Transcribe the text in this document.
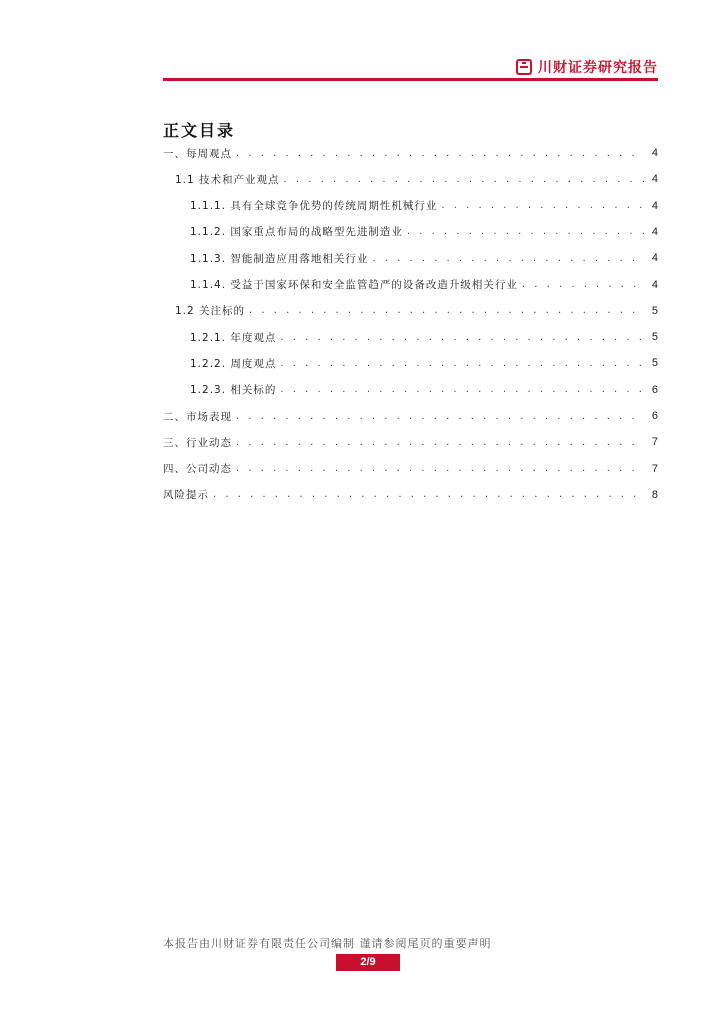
川财证券研究报告
正文目录
一、每周观点 . . .	4
1.1 技术和产业观点 . . .	4
1.1.1. 具有全球竞争优势的传统周期性机械行业 . . .	4
1.1.2. 国家重点布局的战略型先进制造业 . . .	4
1.1.3. 智能制造应用落地相关行业 . . .	4
1.1.4. 受益于国家环保和安全监管趋严的设备改造升级相关行业 . . .	4
1.2 关注标的 . . .	5
1.2.1. 年度观点 . . .	5
1.2.2. 周度观点 . . .	5
1.2.3. 相关标的 . . .	6
二、市场表现 . . .	6
三、行业动态 . . .	7
四、公司动态 . . .	7
风险提示 . . .	8
本报告由川财证券有限责任公司编制 谨请参阅尾页的重要声明
2/9
